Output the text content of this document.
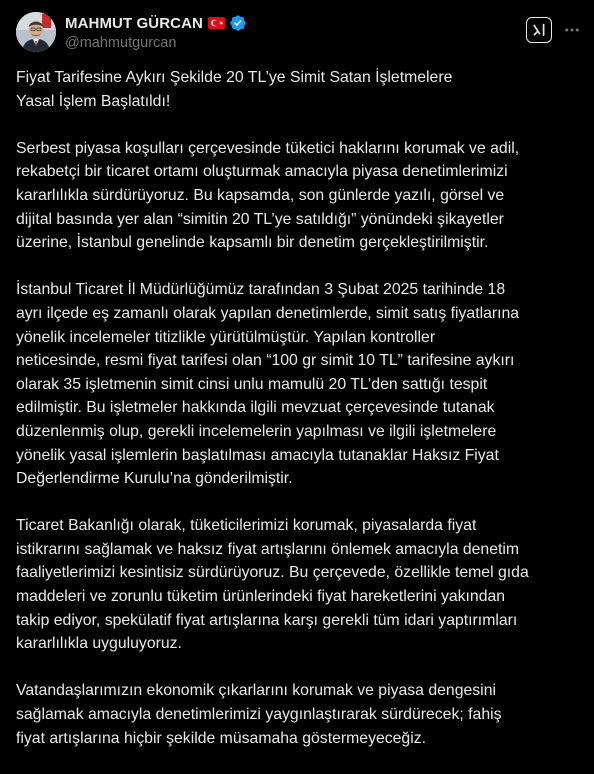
MAHMUT GÜRCAN
@mahmutgurcan

Fiyat Tarifesine Aykırı Şekilde 20 TL’ye Simit Satan İşletmelere
Yasal İşlem Başlatıldı!

Serbest piyasa koşulları çerçevesinde tüketici haklarını korumak ve adil,
rekabetçi bir ticaret ortamı oluşturmak amacıyla piyasa denetimlerimizi
kararlılıkla sürdürüyoruz. Bu kapsamda, son günlerde yazılı, görsel ve
dijital basında yer alan “simitin 20 TL’ye satıldığı” yönündeki şikayetler
üzerine, İstanbul genelinde kapsamlı bir denetim gerçekleştirilmiştir.

İstanbul Ticaret İl Müdürlüğümüz tarafından 3 Şubat 2025 tarihinde 18
ayrı ilçede eş zamanlı olarak yapılan denetimlerde, simit satış fiyatlarına
yönelik incelemeler titizlikle yürütülmüştür. Yapılan kontroller
neticesinde, resmi fiyat tarifesi olan “100 gr simit 10 TL” tarifesine aykırı
olarak 35 işletmenin simit cinsi unlu mamulü 20 TL’den sattığı tespit
edilmiştir. Bu işletmeler hakkında ilgili mevzuat çerçevesinde tutanak
düzenlenmiş olup, gerekli incelemelerin yapılması ve ilgili işletmelere
yönelik yasal işlemlerin başlatılması amacıyla tutanaklar Haksız Fiyat
Değerlendirme Kurulu’na gönderilmiştir.

Ticaret Bakanlığı olarak, tüketicilerimizi korumak, piyasalarda fiyat
istikrarını sağlamak ve haksız fiyat artışlarını önlemek amacıyla denetim
faaliyetlerimizi kesintisiz sürdürüyoruz. Bu çerçevede, özellikle temel gıda
maddeleri ve zorunlu tüketim ürünlerindeki fiyat hareketlerini yakından
takip ediyor, spekülatif fiyat artışlarına karşı gerekli tüm idari yaptırımları
kararlılıkla uyguluyoruz.

Vatandaşlarımızın ekonomik çıkarlarını korumak ve piyasa dengesini
sağlamak amacıyla denetimlerimizi yaygınlaştırarak sürdürecek; fahiş
fiyat artışlarına hiçbir şekilde müsamaha göstermeyeceğiz.
